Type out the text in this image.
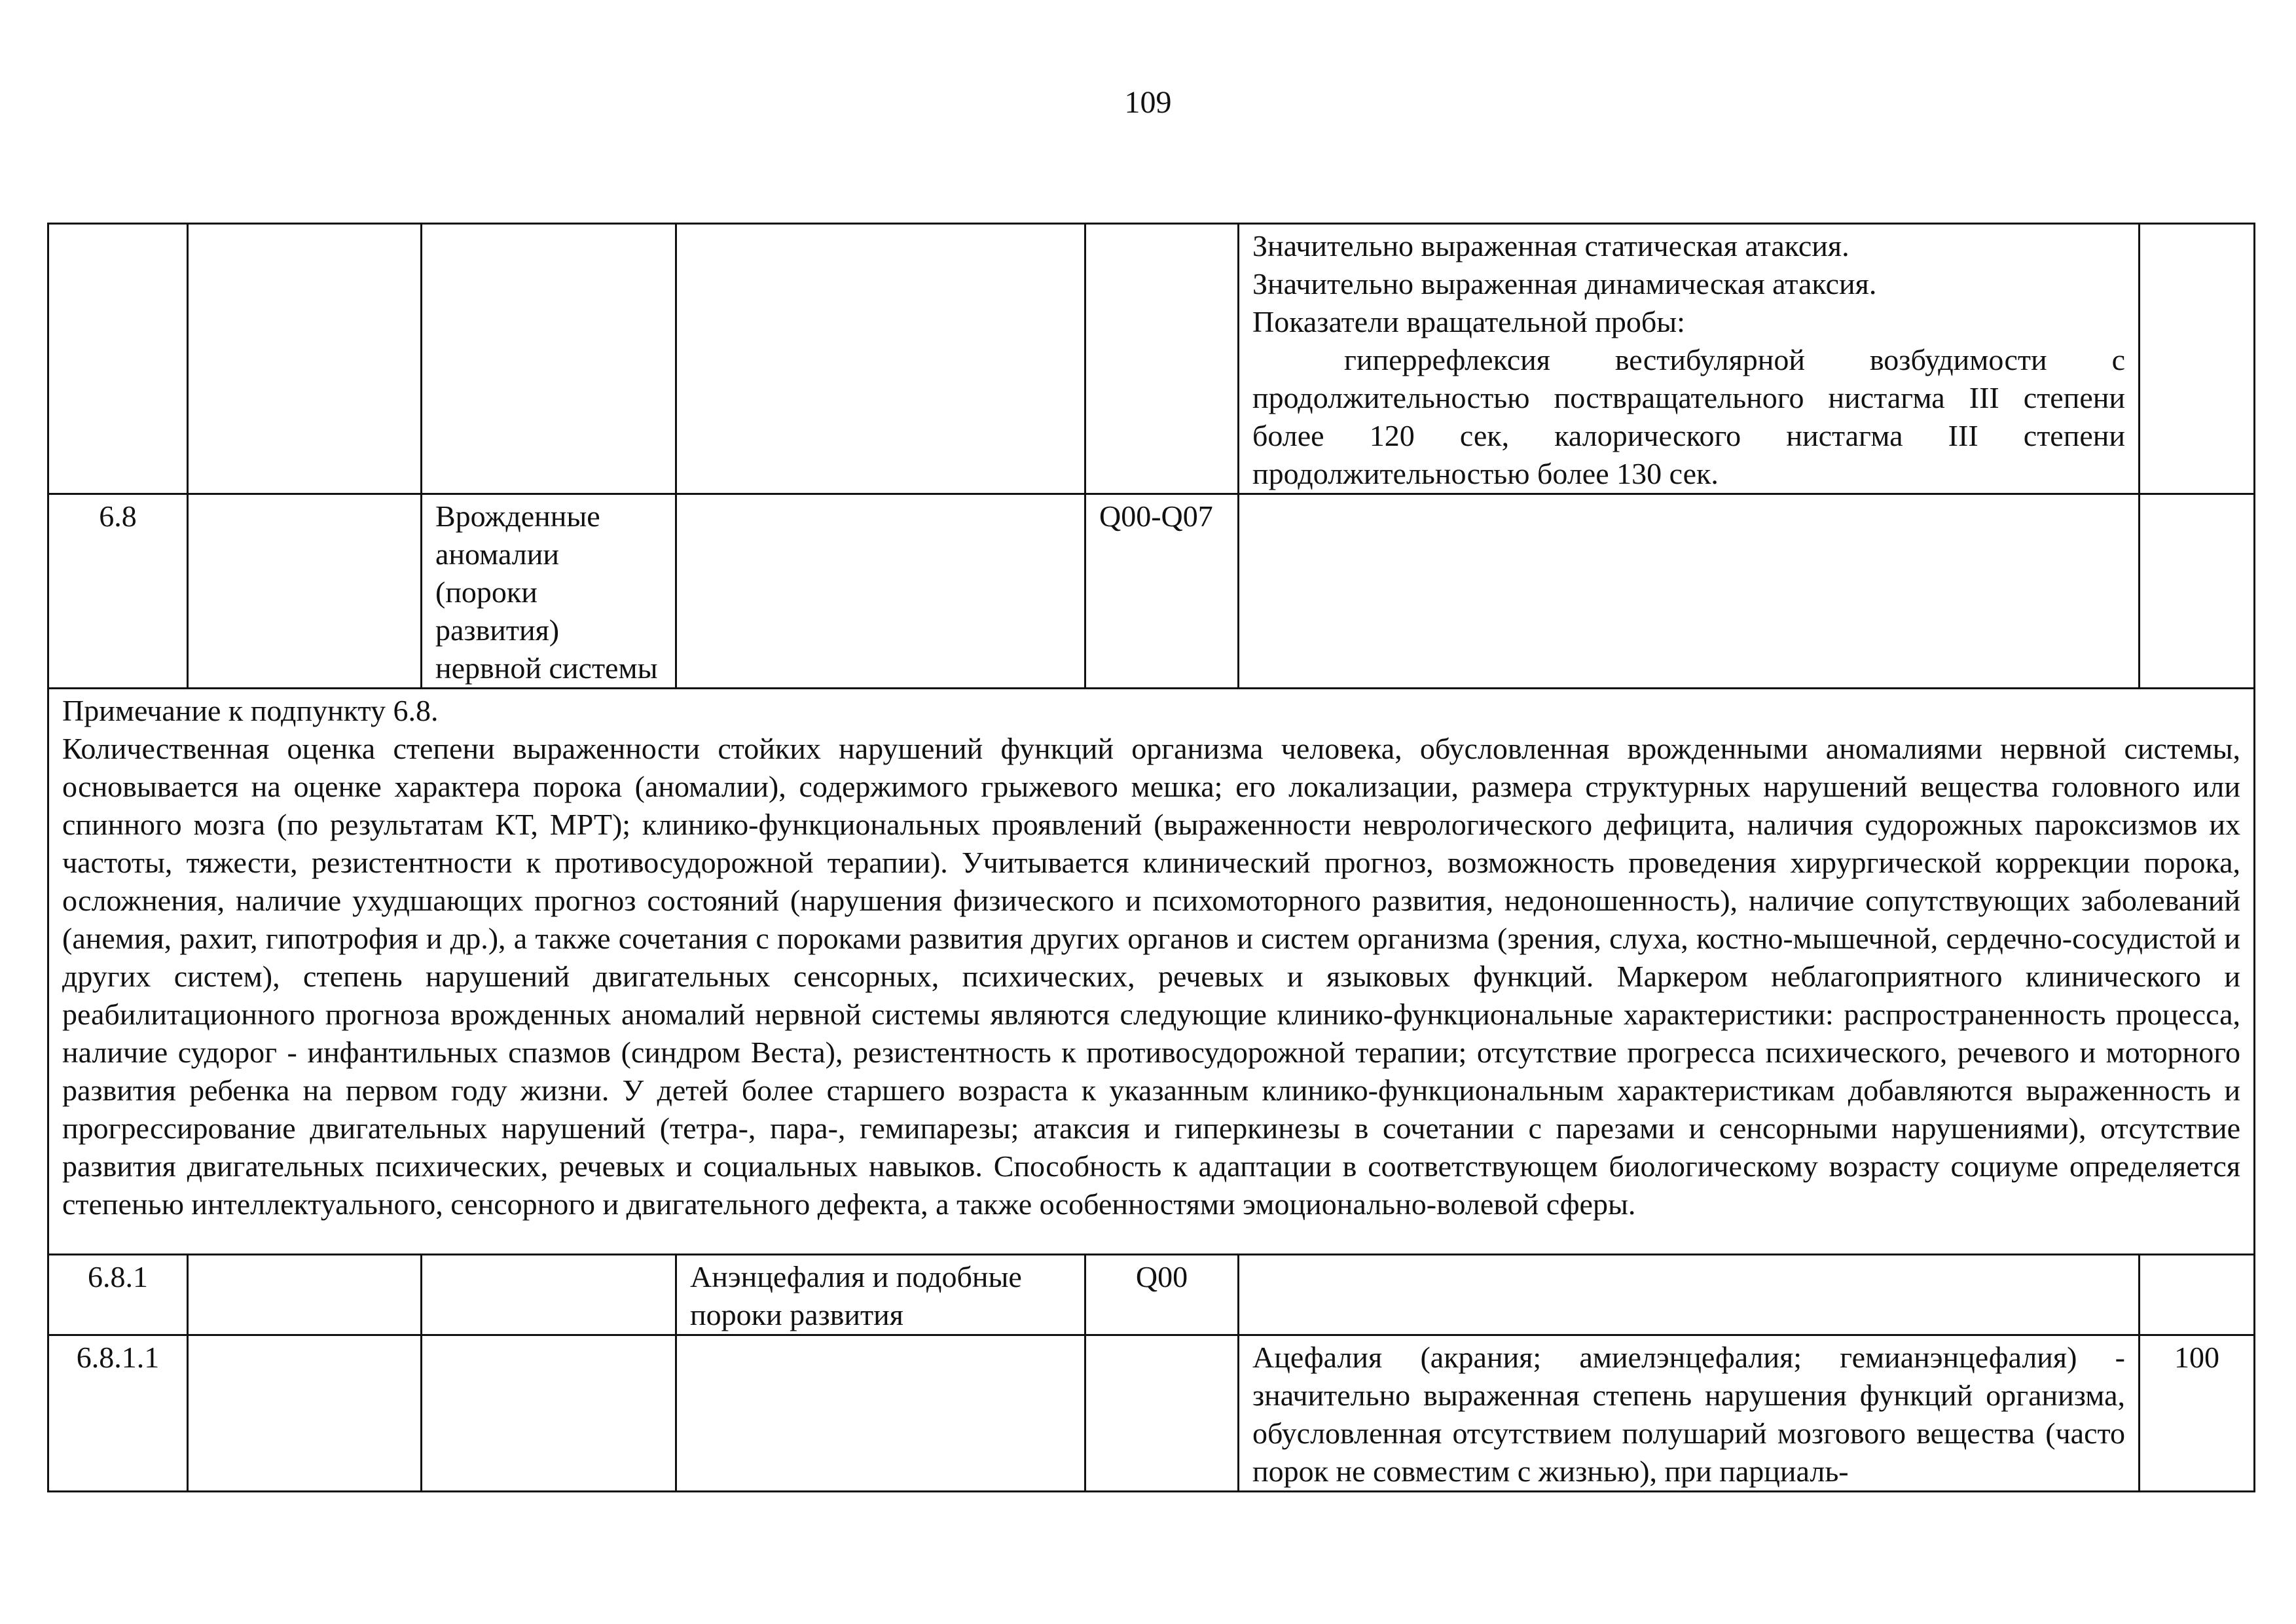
109

					Значительно выраженная статическая атаксия.
Значительно выраженная динамическая атаксия.
Показатели вращательной пробы:
гиперрефлексия вестибулярной возбудимости с продолжительностью поствращательного нистагма III степени более 120 сек, калорического нистагма III степени продолжительностью более 130 сек.	

6.8		Врожденные аномалии (пороки развития) нервной системы		Q00-Q07		

Примечание к подпункту 6.8.
Количественная оценка степени выраженности стойких нарушений функций организма человека, обусловленная врожденными аномалиями нервной системы, основывается на оценке характера порока (аномалии), содержимого грыжевого мешка; его локализации, размера структурных нарушений вещества головного или спинного мозга (по результатам КТ, МРТ); клинико-функциональных проявлений (выраженности неврологического дефицита, наличия судорожных пароксизмов их частоты, тяжести, резистентности к противосудорожной терапии). Учитывается клинический прогноз, возможность проведения хирургической коррекции порока, осложнения, наличие ухудшающих прогноз состояний (нарушения физического и психомоторного развития, недоношенность), наличие сопутствующих заболеваний (анемия, рахит, гипотрофия и др.), а также сочетания с пороками развития других органов и систем организма (зрения, слуха, костно-мышечной, сердечно-сосудистой и других систем), степень нарушений двигательных сенсорных, психических, речевых и языковых функций. Маркером неблагоприятного клинического и реабилитационного прогноза врожденных аномалий нервной системы являются следующие клинико-функциональные характеристики: распространенность процесса, наличие судорог - инфантильных спазмов (синдром Веста), резистентность к противосудорожной терапии; отсутствие прогресса психического, речевого и моторного развития ребенка на первом году жизни. У детей более старшего возраста к указанным клинико-функциональным характеристикам добавляются выраженность и прогрессирование двигательных нарушений (тетра-, пара-, гемипарезы; атаксия и гиперкинезы в сочетании с парезами и сенсорными нарушениями), отсутствие развития двигательных психических, речевых и социальных навыков. Способность к адаптации в соответствующем биологическому возрасту социуме определяется степенью интеллектуального, сенсорного и двигательного дефекта, а также особенностями эмоционально-волевой сферы.						

6.8.1			Анэнцефалия и подобные пороки развития	Q00		
6.8.1.1					Ацефалия (акрания; амиелэнцефалия; гемианэнцефалия) - значительно выраженная степень нарушения функций организма, обусловленная отсутствием полушарий мозгового вещества (часто порок не совместим с жизнью), при парциаль-	100
